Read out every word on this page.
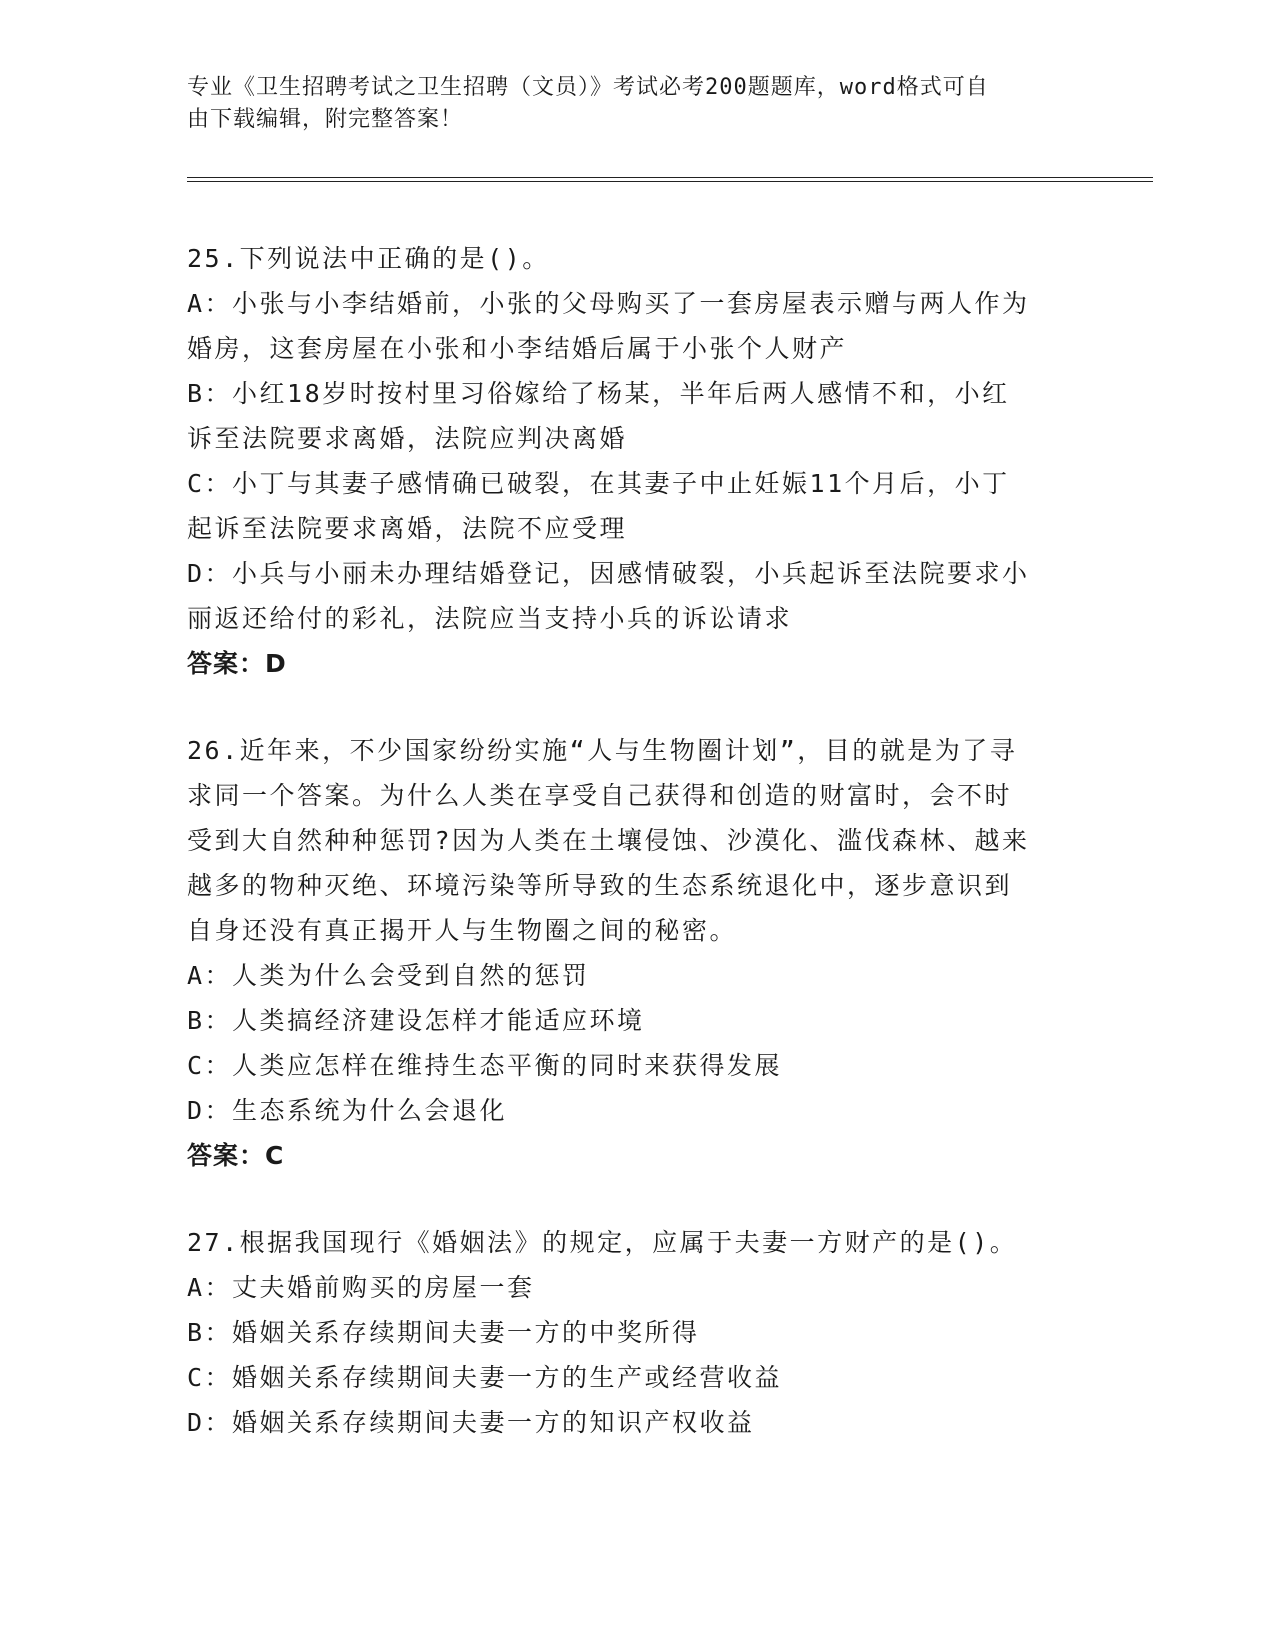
专业《卫生招聘考试之卫生招聘（文员）》考试必考200题题库，word格式可自
由下载编辑，附完整答案！
25.下列说法中正确的是()。
A：小张与小李结婚前，小张的父母购买了一套房屋表示赠与两人作为
婚房，这套房屋在小张和小李结婚后属于小张个人财产
B：小红18岁时按村里习俗嫁给了杨某，半年后两人感情不和，小红
诉至法院要求离婚，法院应判决离婚
C：小丁与其妻子感情确已破裂，在其妻子中止妊娠11个月后，小丁
起诉至法院要求离婚，法院不应受理
D：小兵与小丽未办理结婚登记，因感情破裂，小兵起诉至法院要求小
丽返还给付的彩礼，法院应当支持小兵的诉讼请求
答案：D
26.近年来，不少国家纷纷实施“人与生物圈计划”，目的就是为了寻
求同一个答案。为什么人类在享受自己获得和创造的财富时，会不时
受到大自然种种惩罚?因为人类在土壤侵蚀、沙漠化、滥伐森林、越来
越多的物种灭绝、环境污染等所导致的生态系统退化中，逐步意识到
自身还没有真正揭开人与生物圈之间的秘密。
A：人类为什么会受到自然的惩罚
B：人类搞经济建设怎样才能适应环境
C：人类应怎样在维持生态平衡的同时来获得发展
D：生态系统为什么会退化
答案：C
27.根据我国现行《婚姻法》的规定，应属于夫妻一方财产的是()。
A：丈夫婚前购买的房屋一套
B：婚姻关系存续期间夫妻一方的中奖所得
C：婚姻关系存续期间夫妻一方的生产或经营收益
D：婚姻关系存续期间夫妻一方的知识产权收益
